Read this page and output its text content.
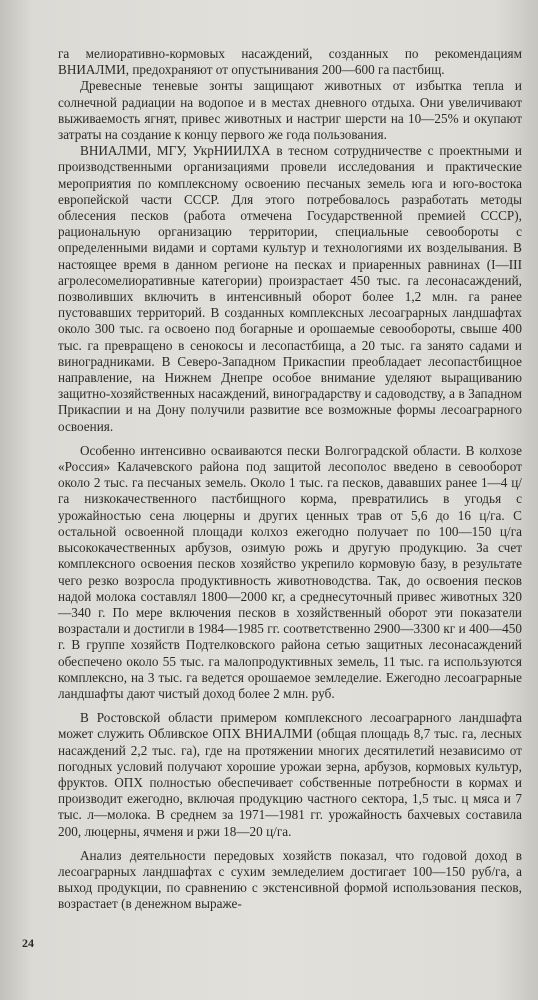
га мелиоративно-кормовых насаждений, созданных по рекомендациям ВНИАЛМИ, предохраняют от опустынивания 200—600 га пастбищ.

Древесные теневые зонты защищают животных от избытка тепла и солнечной радиации на водопое и в местах дневного отдыха. Они увеличивают выживаемость ягнят, привес животных и настриг шерсти на 10—25% и окупают затраты на создание к концу первого же года пользования.

ВНИАЛМИ, МГУ, УкрНИИЛХА в тесном сотрудничестве с проектными и производственными организациями провели исследования и практические мероприятия по комплексному освоению песчаных земель юга и юго-востока европейской части СССР. Для этого потребовалось разработать методы облесения песков (работа отмечена Государственной премией СССР), рациональную организацию территории, специальные севообороты с определенными видами и сортами культур и технологиями их возделывания. В настоящее время в данном регионе на песках и приаренных равнинах (I—III агролесомелиоративные категории) произрастает 450 тыс. га лесонасаждений, позволивших включить в интенсивный оборот более 1,2 млн. га ранее пустовавших территорий. В созданных комплексных лесоаграрных ландшафтах около 300 тыс. га освоено под богарные и орошаемые севообороты, свыше 400 тыс. га превращено в сенокосы и лесопастбища, а 20 тыс. га занято садами и виноградниками. В Северо-Западном Прикаспии преобладает лесопастбищное направление, на Нижнем Днепре особое внимание уделяют выращиванию защитно-хозяйственных насаждений, виноградарству и садоводству, а в Западном Прикаспии и на Дону получили развитие все возможные формы лесоаграрного освоения.

Особенно интенсивно осваиваются пески Волгоградской области. В колхозе «Россия» Калачевского района под защитой лесополос введено в севооборот около 2 тыс. га песчаных земель. Около 1 тыс. га песков, дававших ранее 1—4 ц/га низкокачественного пастбищного корма, превратились в угодья с урожайностью сена люцерны и других ценных трав от 5,6 до 16 ц/га. С остальной освоенной площади колхоз ежегодно получает по 100—150 ц/га высококачественных арбузов, озимую рожь и другую продукцию. За счет комплексного освоения песков хозяйство укрепило кормовую базу, в результате чего резко возросла продуктивность животноводства. Так, до освоения песков надой молока составлял 1800—2000 кг, а среднесуточный привес животных 320—340 г. По мере включения песков в хозяйственный оборот эти показатели возрастали и достигли в 1984—1985 гг. соответственно 2900—3300 кг и 400—450 г. В группе хозяйств Подтелковского района сетью защитных лесонасаждений обеспечено около 55 тыс. га малопродуктивных земель, 11 тыс. га используются комплексно, на 3 тыс. га ведется орошаемое земледелие. Ежегодно лесоаграрные ландшафты дают чистый доход более 2 млн. руб.

В Ростовской области примером комплексного лесоаграрного ландшафта может служить Обливское ОПХ ВНИАЛМИ (общая площадь 8,7 тыс. га, лесных насаждений 2,2 тыс. га), где на протяжении многих десятилетий независимо от погодных условий получают хорошие урожаи зерна, арбузов, кормовых культур, фруктов. ОПХ полностью обеспечивает собственные потребности в кормах и производит ежегодно, включая продукцию частного сектора, 1,5 тыс. ц мяса и 7 тыс. л—молока. В среднем за 1971—1981 гг. урожайность бахчевых составила 200, люцерны, ячменя и ржи 18—20 ц/га.

Анализ деятельности передовых хозяйств показал, что годовой доход в лесоаграрных ландшафтах с сухим земледелием достигает 100—150 руб/га, а выход продукции, по сравнению с экстенсивной формой использования песков, возрастает (в денежном выраже-

24
